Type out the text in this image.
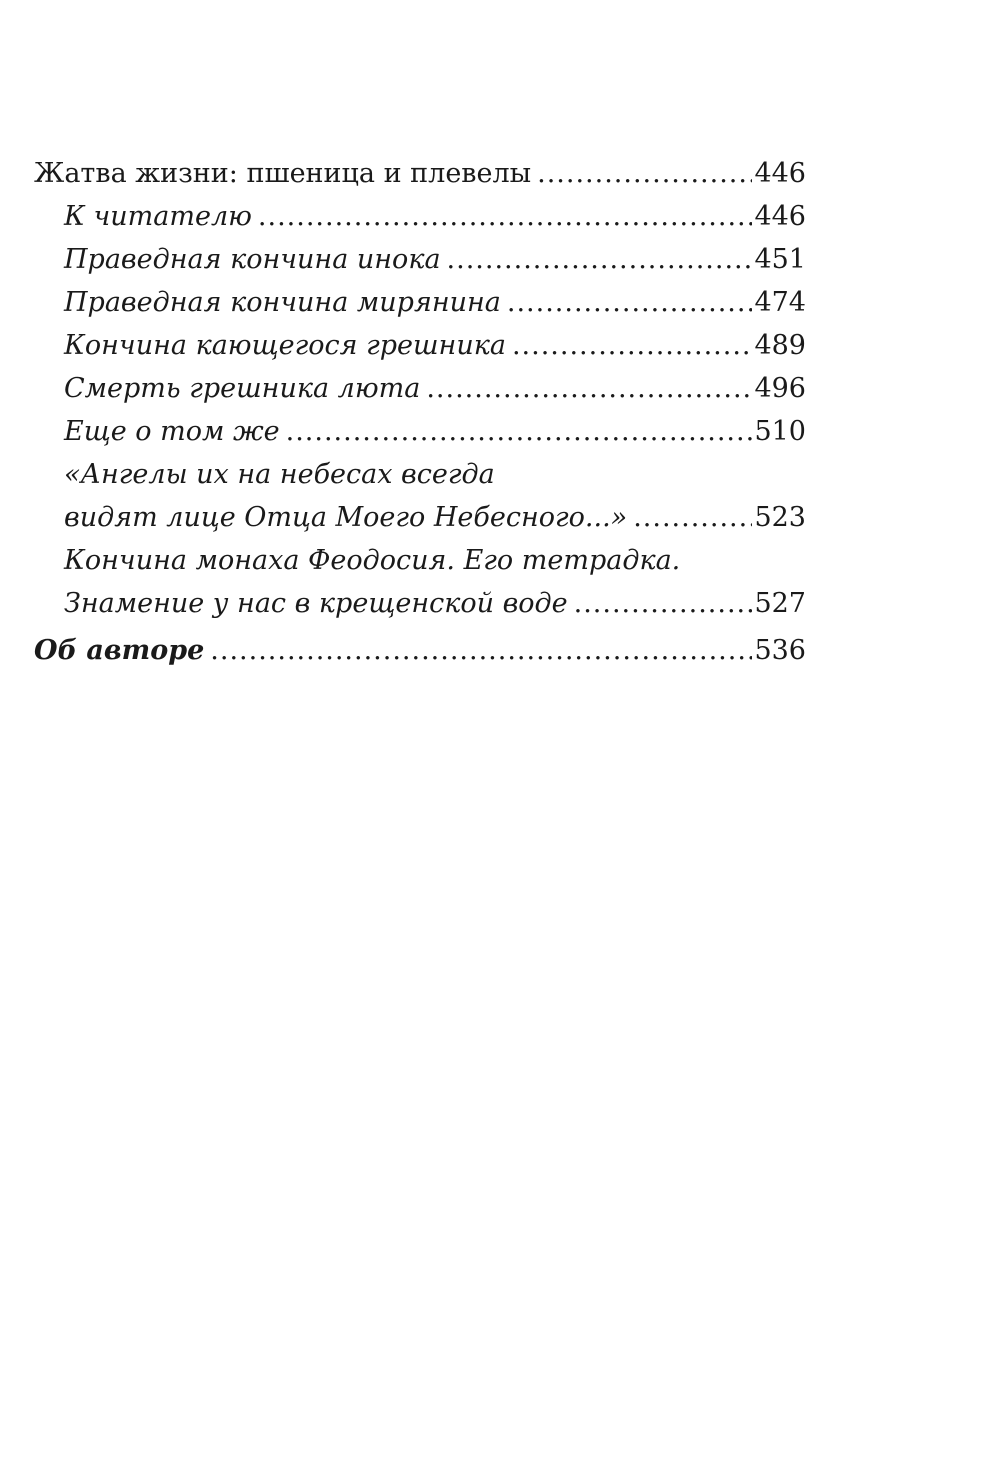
Жатва жизни: пшеница и плевелы .....	446
К читателю .....	446
Праведная кончина инока .....	451
Праведная кончина мирянина .....	474
Кончина кающегося грешника .....	489
Смерть грешника люта .....	496
Еще о том же .....	510
«Ангелы их на небесах всегда
видят лице Отца Моего Небесного...» .....	523
Кончина монаха Феодосия. Его тетрадка.
Знамение у нас в крещенской воде .....	527
Об авторе .....	536
